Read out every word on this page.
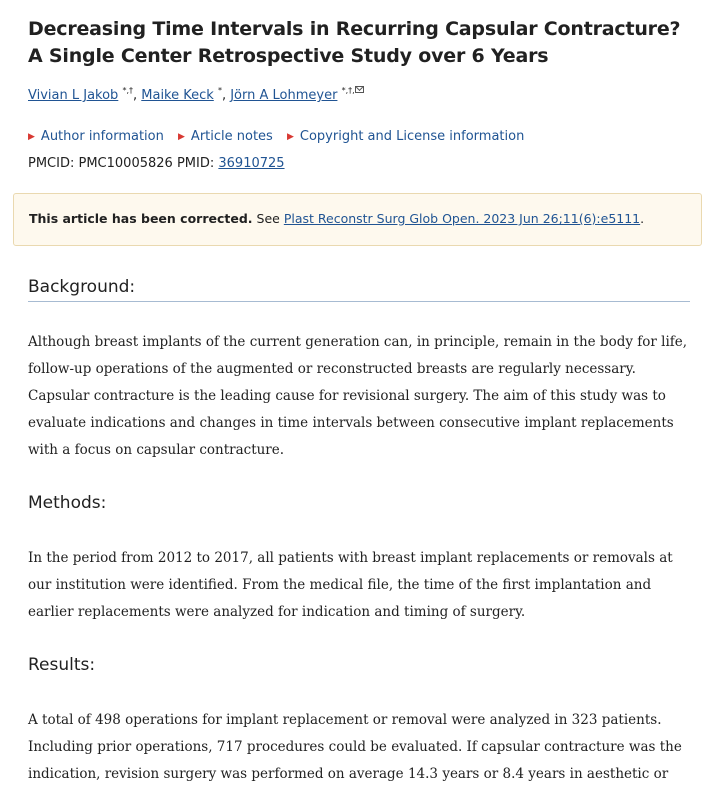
Decreasing Time Intervals in Recurring Capsular Contracture? A Single Center Retrospective Study over 6 Years
Vivian L Jakob *,†, Maike Keck *, Jörn A Lohmeyer *,†,
▶ Author information ▶ Article notes ▶ Copyright and License information
PMCID: PMC10005826 PMID: 36910725
This article has been corrected. See Plast Reconstr Surg Glob Open. 2023 Jun 26;11(6):e5111.
Background:

Although breast implants of the current generation can, in principle, remain in the body for life,
follow-up operations of the augmented or reconstructed breasts are regularly necessary.
Capsular contracture is the leading cause for revisional surgery. The aim of this study was to
evaluate indications and changes in time intervals between consecutive implant replacements
with a focus on capsular contracture.

Methods:

In the period from 2012 to 2017, all patients with breast implant replacements or removals at
our institution were identified. From the medical file, the time of the first implantation and
earlier replacements were analyzed for indication and timing of surgery.

Results:

A total of 498 operations for implant replacement or removal were analyzed in 323 patients.
Including prior operations, 717 procedures could be evaluated. If capsular contracture was the
indication, revision surgery was performed on average 14.3 years or 8.4 years in aesthetic or
